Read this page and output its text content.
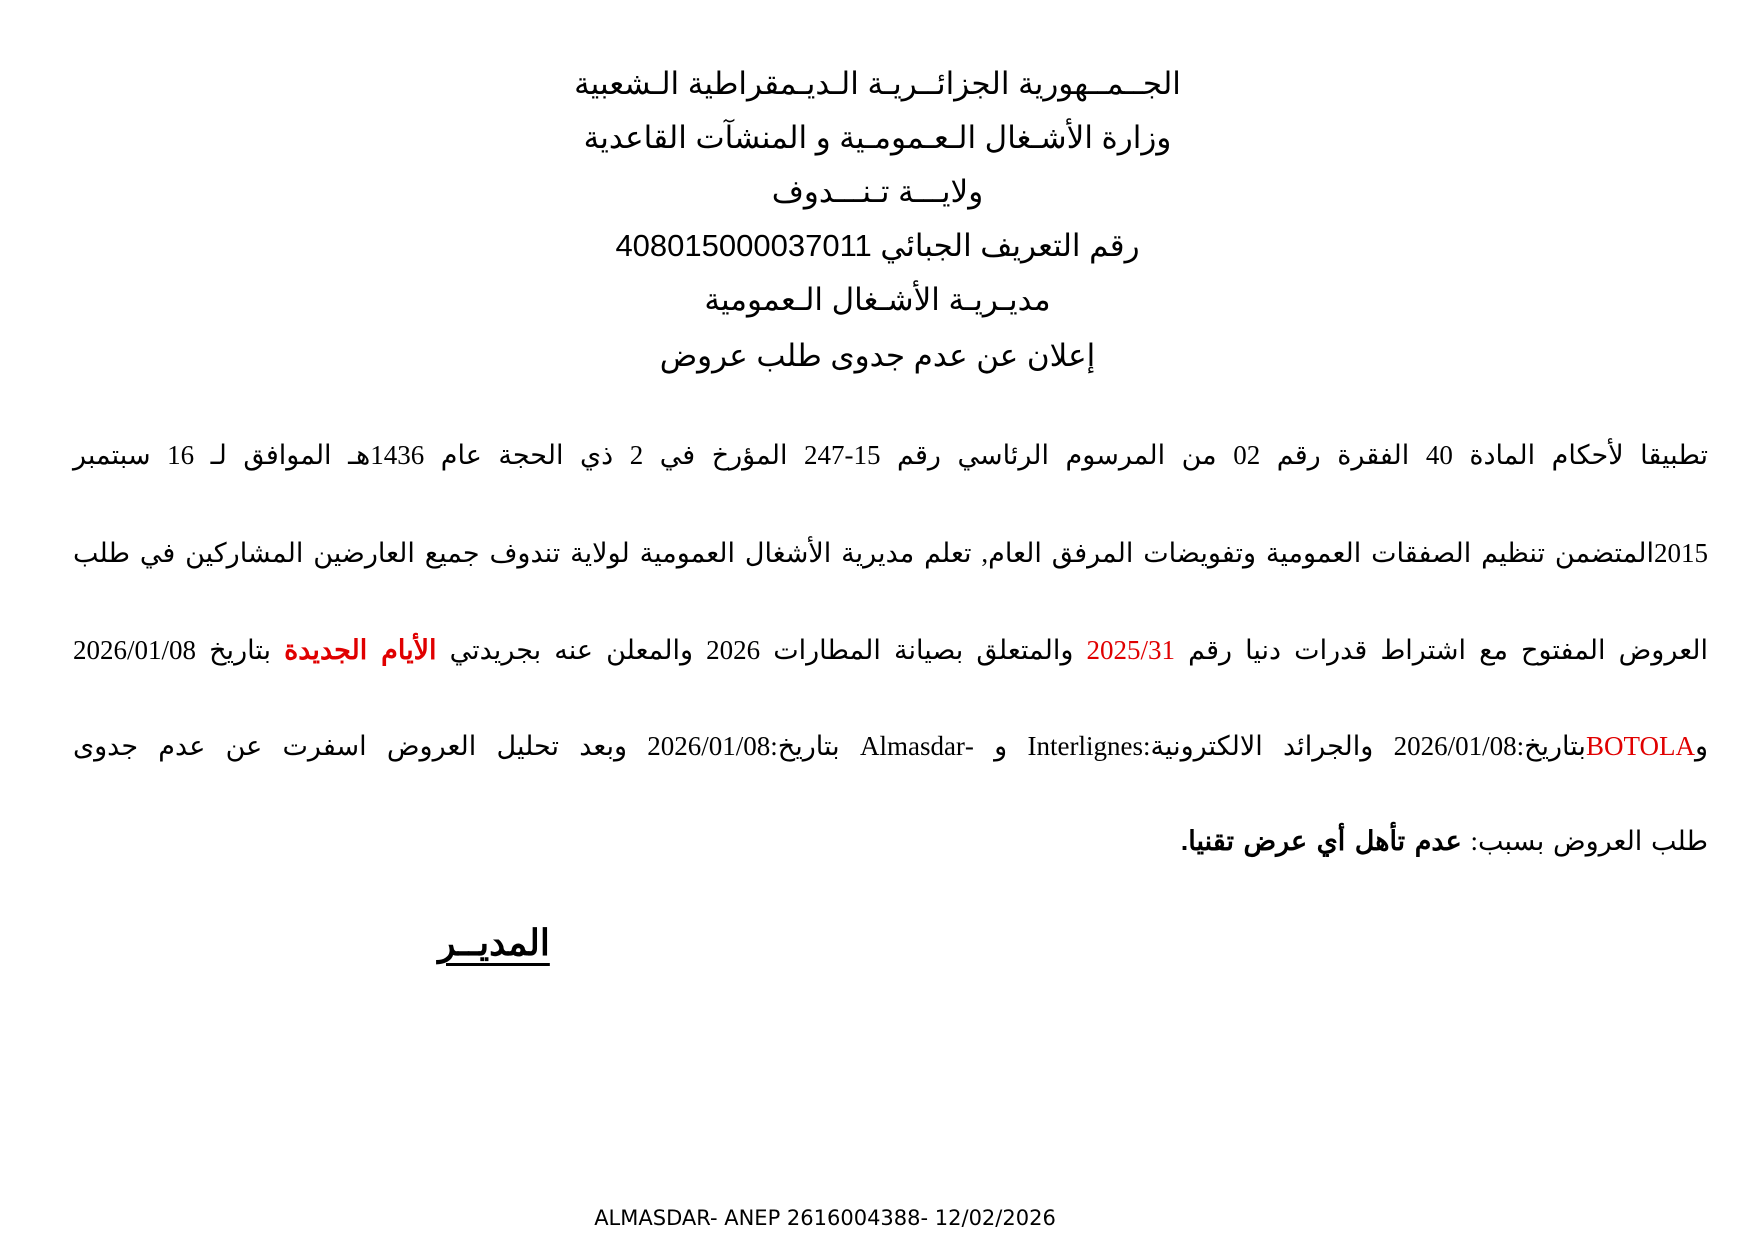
الجــمــهورية الجزائــريـة الـديـمقراطية الـشعبية
وزارة الأشـغال الـعـمومـية و المنشآت القاعدية
ولايـــة تـنـــدوف
رقم التعريف الجبائي 408015000037011
مديـريـة الأشـغال الـعمومية
إعلان عن عدم جدوى طلب عروض
تطبيقا لأحكام المادة 40 الفقرة رقم 02 من المرسوم الرئاسي رقم 15-247 المؤرخ في 2 ذي الحجة عام 1436هـ الموافق لـ 16 سبتمبر
2015المتضمن تنظيم الصفقات العمومية وتفويضات المرفق العام, تعلم مديرية الأشغال العمومية لولاية تندوف جميع العارضين المشاركين في طلب
العروض المفتوح مع اشتراط قدرات دنيا رقم 2025/31 والمتعلق بصيانة المطارات 2026 والمعلن عنه بجريدتي الأيام الجديدة بتاريخ 2026/01/08
وBOTOLAبتاريخ:2026/01/08 والجرائد الالكترونية:Interlignes و -Almasdar بتاريخ:2026/01/08 وبعد تحليل العروض اسفرت عن عدم جدوى
طلب العروض بسبب: عدم تأهل أي عرض تقنيا.
المديــر
ALMASDAR- ANEP 2616004388- 12/02/2026
